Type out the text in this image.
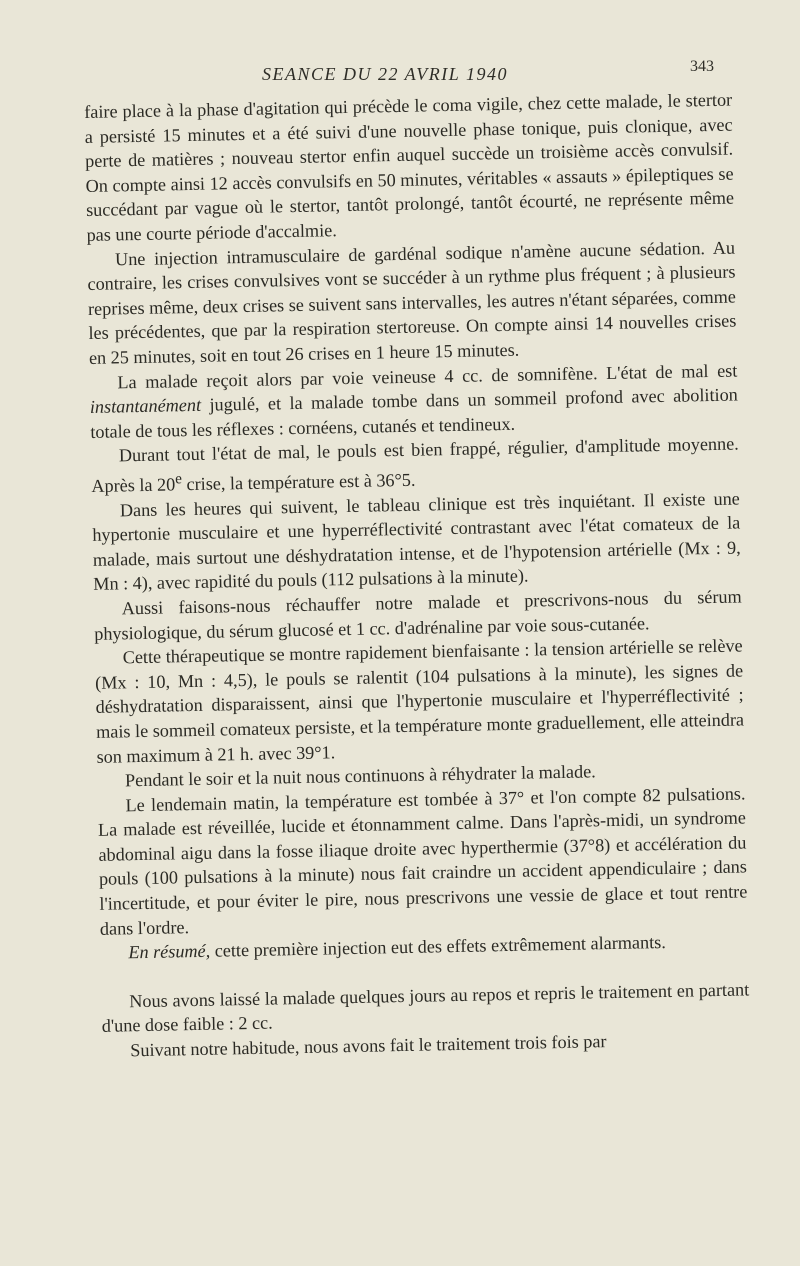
SEANCE DU 22 AVRIL 1940	343

faire place à la phase d'agitation qui précède le coma vigile, chez cette malade, le stertor a persisté 15 minutes et a été suivi d'une nouvelle phase tonique, puis clonique, avec perte de matières ; nouveau stertor enfin auquel succède un troisième accès convulsif. On compte ainsi 12 accès convulsifs en 50 minutes, véritables « assauts » épileptiques se succédant par vague où le stertor, tantôt prolongé, tantôt écourté, ne représente même pas une courte période d'accalmie.

Une injection intramusculaire de gardénal sodique n'amène aucune sédation. Au contraire, les crises convulsives vont se succéder à un rythme plus fréquent ; à plusieurs reprises même, deux crises se suivent sans intervalles, les autres n'étant séparées, comme les précédentes, que par la respiration stertoreuse. On compte ainsi 14 nouvelles crises en 25 minutes, soit en tout 26 crises en 1 heure 15 minutes.

La malade reçoit alors par voie veineuse 4 cc. de somnifène. L'état de mal est instantanément jugulé, et la malade tombe dans un sommeil profond avec abolition totale de tous les réflexes : cornéens, cutanés et tendineux.

Durant tout l'état de mal, le pouls est bien frappé, régulier, d'amplitude moyenne. Après la 20e crise, la température est à 36°5.

Dans les heures qui suivent, le tableau clinique est très inquiétant. Il existe une hypertonie musculaire et une hyperréflectivité contrastant avec l'état comateux de la malade, mais surtout une déshydratation intense, et de l'hypotension artérielle (Mx : 9, Mn : 4), avec rapidité du pouls (112 pulsations à la minute).

Aussi faisons-nous réchauffer notre malade et prescrivons-nous du sérum physiologique, du sérum glucosé et 1 cc. d'adrénaline par voie sous-cutanée.

Cette thérapeutique se montre rapidement bienfaisante : la tension artérielle se relève (Mx : 10, Mn : 4,5), le pouls se ralentit (104 pulsations à la minute), les signes de déshydratation disparaissent, ainsi que l'hypertonie musculaire et l'hyperréflectivité ; mais le sommeil comateux persiste, et la température monte graduellement, elle atteindra son maximum à 21 h. avec 39°1.

Pendant le soir et la nuit nous continuons à réhydrater la malade.

Le lendemain matin, la température est tombée à 37° et l'on compte 82 pulsations. La malade est réveillée, lucide et étonnamment calme. Dans l'après-midi, un syndrome abdominal aigu dans la fosse iliaque droite avec hyperthermie (37°8) et accélération du pouls (100 pulsations à la minute) nous fait craindre un accident appendiculaire ; dans l'incertitude, et pour éviter le pire, nous prescrivons une vessie de glace et tout rentre dans l'ordre.

En résumé, cette première injection eut des effets extrêmement alarmants.

Nous avons laissé la malade quelques jours au repos et repris le traitement en partant d'une dose faible : 2 cc.

Suivant notre habitude, nous avons fait le traitement trois fois par
